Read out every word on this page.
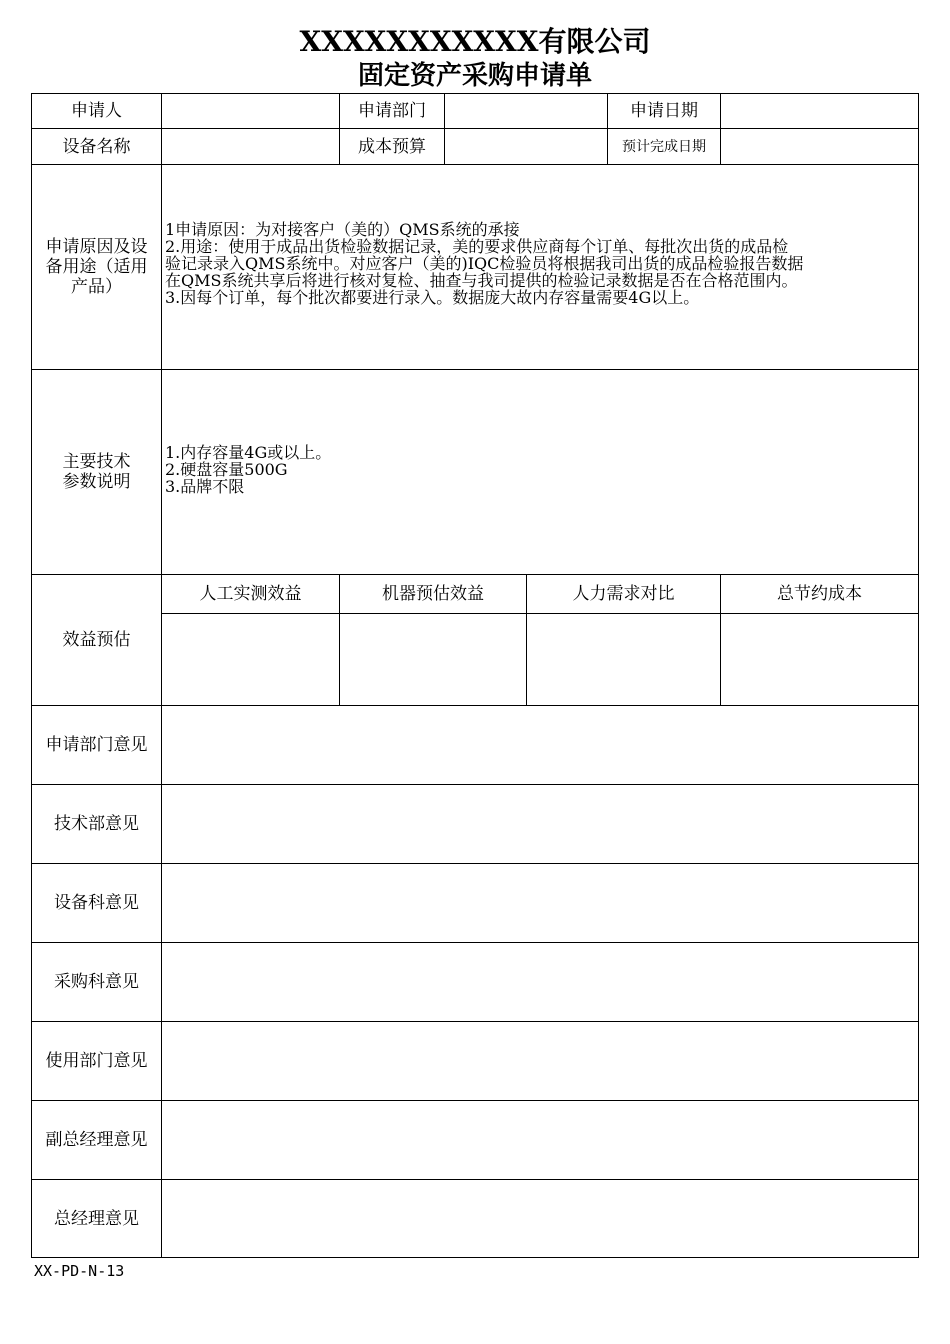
XXXXXXXXXXX有限公司
固定资产采购申请单
申请人	申请部门	申请日期
设备名称	成本预算	预计完成日期
申请原因及设备用途（适用产品）
1申请原因：为对接客户（美的）QMS系统的承接
2.用途：使用于成品出货检验数据记录，美的要求供应商每个订单、每批次出货的成品检
验记录录入QMS系统中。对应客户（美的)IQC检验员将根据我司出货的成品检验报告数据
在QMS系统共享后将进行核对复检、抽查与我司提供的检验记录数据是否在合格范围内。
3.因每个订单，每个批次都要进行录入。数据庞大故内存容量需要4G以上。
主要技术参数说明
1.内存容量4G或以上。
2.硬盘容量500G
3.品牌不限
效益预估
人工实测效益	机器预估效益	人力需求对比	总节约成本
申请部门意见
技术部意见
设备科意见
采购科意见
使用部门意见
副总经理意见
总经理意见
XX-PD-N-13
